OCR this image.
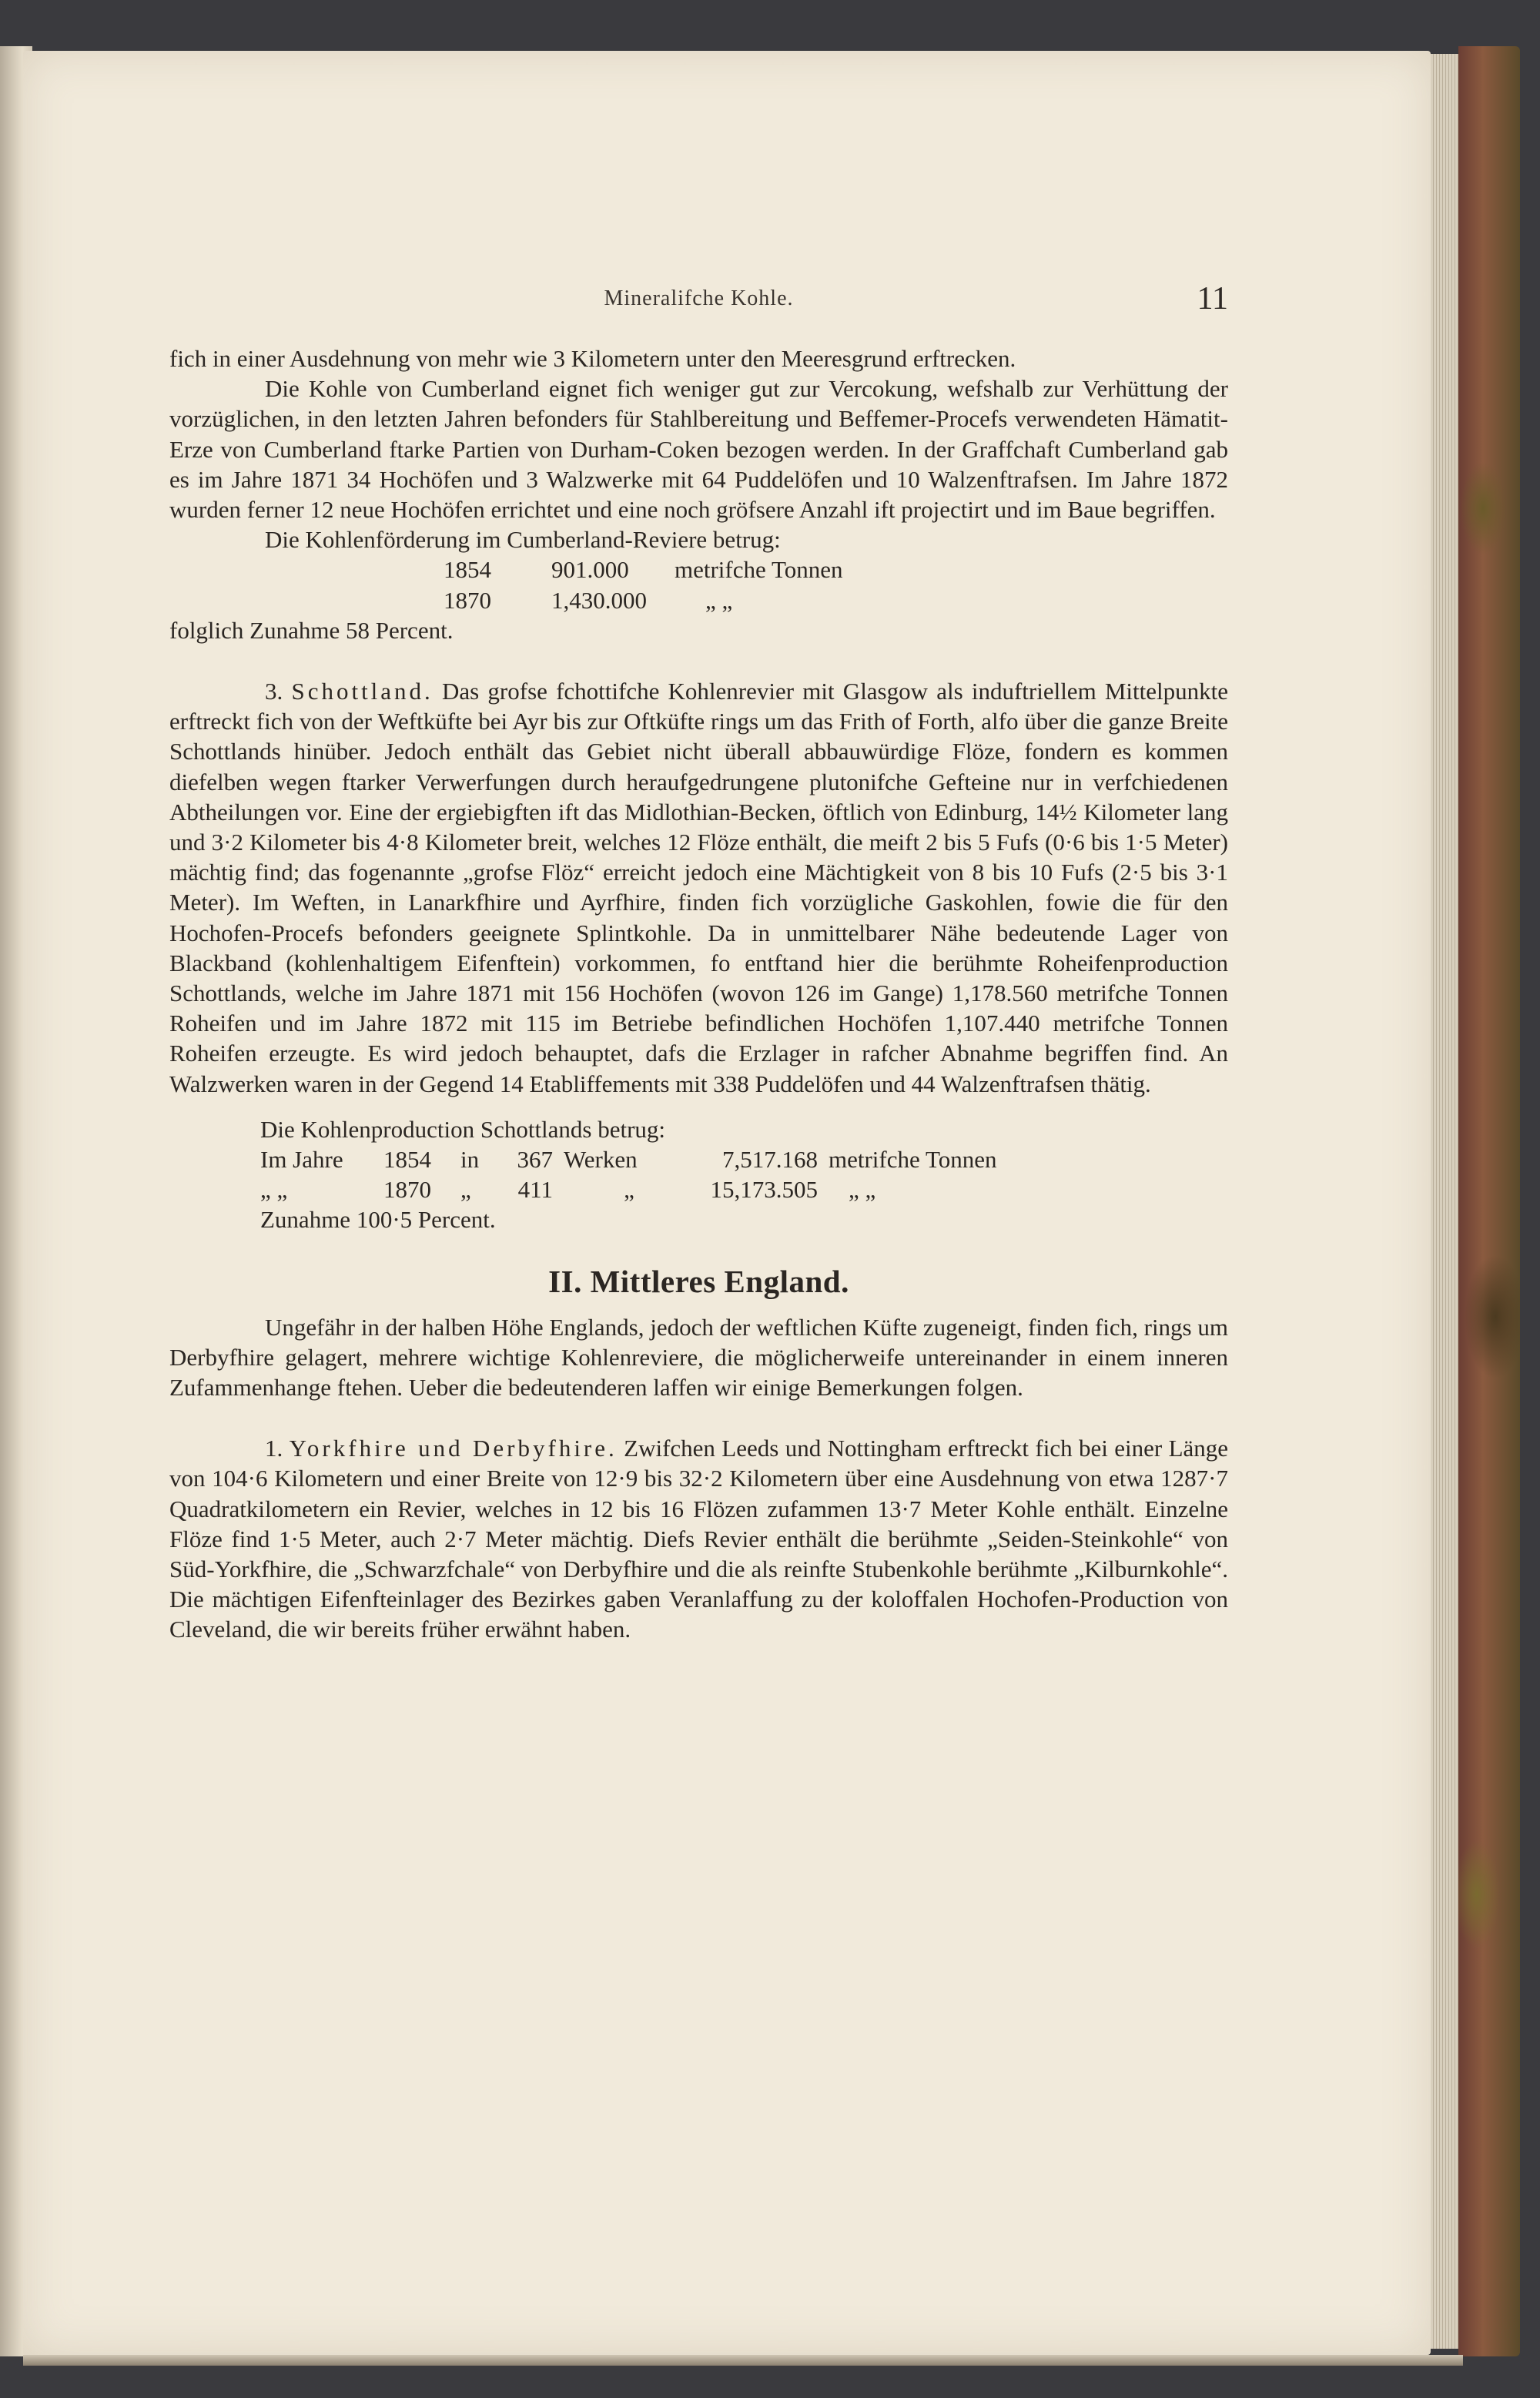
Mineralifche Kohle.	11

fich in einer Ausdehnung von mehr wie 3 Kilometern unter den Meeresgrund erftrecken.

Die Kohle von Cumberland eignet fich weniger gut zur Vercokung, wefshalb zur Verhüttung der vorzüglichen, in den letzten Jahren befonders für Stahlbereitung und Beffemer-Procefs verwendeten Hämatit-Erze von Cumberland ftarke Partien von Durham-Coken bezogen werden. In der Graffchaft Cumberland gab es im Jahre 1871 34 Hochöfen und 3 Walzwerke mit 64 Puddelöfen und 10 Walzenftrafsen. Im Jahre 1872 wurden ferner 12 neue Hochöfen errichtet und eine noch gröfsere Anzahl ift projectirt und im Baue begriffen.

Die Kohlenförderung im Cumberland-Reviere betrug:

1854	901.000	metrifche Tonnen
1870	1,430.000	„ „

folglich Zunahme 58 Percent.

3. Schottland. Das grofse fchottifche Kohlenrevier mit Glasgow als induftriellem Mittelpunkte erftreckt fich von der Weftküfte bei Ayr bis zur Oftküfte rings um das Frith of Forth, alfo über die ganze Breite Schottlands hinüber. Jedoch enthält das Gebiet nicht überall abbauwürdige Flöze, fondern es kommen diefelben wegen ftarker Verwerfungen durch heraufgedrungene plutonifche Gefteine nur in verfchiedenen Abtheilungen vor. Eine der ergiebigften ift das Midlothian-Becken, öftlich von Edinburg, 14½ Kilometer lang und 3·2 Kilometer bis 4·8 Kilometer breit, welches 12 Flöze enthält, die meift 2 bis 5 Fufs (0·6 bis 1·5 Meter) mächtig find; das fogenannte „grofse Flöz“ erreicht jedoch eine Mächtigkeit von 8 bis 10 Fufs (2·5 bis 3·1 Meter). Im Weften, in Lanarkfhire und Ayrfhire, finden fich vorzügliche Gaskohlen, fowie die für den Hochofen-Procefs befonders geeignete Splintkohle. Da in unmittelbarer Nähe bedeutende Lager von Blackband (kohlenhaltigem Eifenftein) vorkommen, fo entftand hier die berühmte Roheifenproduction Schottlands, welche im Jahre 1871 mit 156 Hochöfen (wovon 126 im Gange) 1,178.560 metrifche Tonnen Roheifen und im Jahre 1872 mit 115 im Betriebe befindlichen Hochöfen 1,107.440 metrifche Tonnen Roheifen erzeugte. Es wird jedoch behauptet, dafs die Erzlager in rafcher Abnahme begriffen find. An Walzwerken waren in der Gegend 14 Etabliffements mit 338 Puddelöfen und 44 Walzenftrafsen thätig.

Die Kohlenproduction Schottlands betrug:

Im Jahre	1854	in	367 Werken	7,517.168 metrifche Tonnen
„ „	1870	„	411	„	15,173.505	„ „

Zunahme 100·5 Percent.

II. Mittleres England.

Ungefähr in der halben Höhe Englands, jedoch der weftlichen Küfte zugeneigt, finden fich, rings um Derbyfhire gelagert, mehrere wichtige Kohlenreviere, die möglicherweife untereinander in einem inneren Zufammenhange ftehen. Ueber die bedeutenderen laffen wir einige Bemerkungen folgen.

1. Yorkfhire und Derbyfhire. Zwifchen Leeds und Nottingham erftreckt fich bei einer Länge von 104·6 Kilometern und einer Breite von 12·9 bis 32·2 Kilometern über eine Ausdehnung von etwa 1287·7 Quadratkilometern ein Revier, welches in 12 bis 16 Flözen zufammen 13·7 Meter Kohle enthält. Einzelne Flöze find 1·5 Meter, auch 2·7 Meter mächtig. Diefs Revier enthält die berühmte „Seiden-Steinkohle“ von Süd-Yorkfhire, die „Schwarzfchale“ von Derbyfhire und die als reinfte Stubenkohle berühmte „Kilburnkohle“. Die mächtigen Eifenfteinlager des Bezirkes gaben Veranlaffung zu der koloffalen Hochofen-Production von Cleveland, die wir bereits früher erwähnt haben.
